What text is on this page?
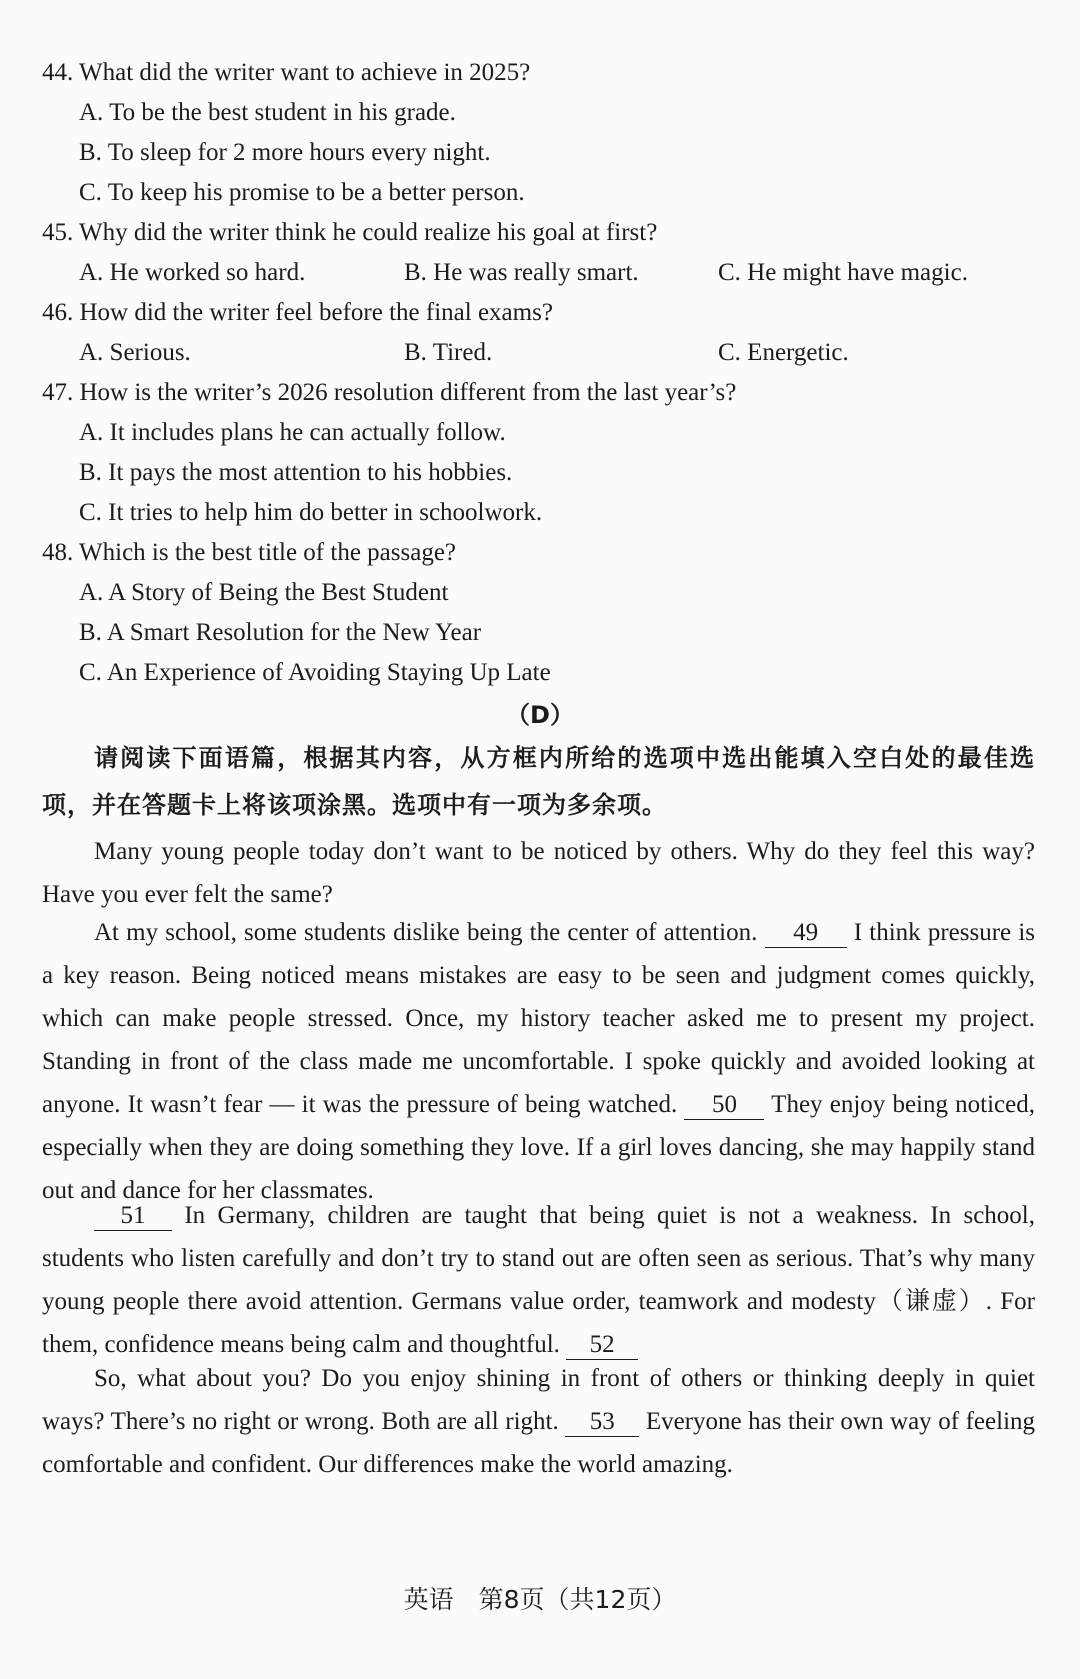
44. What did the writer want to achieve in 2025?
A. To be the best student in his grade.
B. To sleep for 2 more hours every night.
C. To keep his promise to be a better person.
45. Why did the writer think he could realize his goal at first?
A. He worked so hard.	B. He was really smart.	C. He might have magic.
46. How did the writer feel before the final exams?
A. Serious.	B. Tired.	C. Energetic.
47. How is the writer’s 2026 resolution different from the last year’s?
A. It includes plans he can actually follow.
B. It pays the most attention to his hobbies.
C. It tries to help him do better in schoolwork.
48. Which is the best title of the passage?
A. A Story of Being the Best Student
B. A Smart Resolution for the New Year
C. An Experience of Avoiding Staying Up Late
（D）
请阅读下面语篇，根据其内容，从方框内所给的选项中选出能填入空白处的最佳选项，并在答题卡上将该项涂黑。选项中有一项为多余项。
Many young people today don’t want to be noticed by others. Why do they feel this way? Have you ever felt the same?
At my school, some students dislike being the center of attention. 49 I think pressure is a key reason. Being noticed means mistakes are easy to be seen and judgment comes quickly, which can make people stressed. Once, my history teacher asked me to present my project. Standing in front of the class made me uncomfortable. I spoke quickly and avoided looking at anyone. It wasn’t fear — it was the pressure of being watched. 50 They enjoy being noticed, especially when they are doing something they love. If a girl loves dancing, she may happily stand out and dance for her classmates.
51 In Germany, children are taught that being quiet is not a weakness. In school, students who listen carefully and don’t try to stand out are often seen as serious. That’s why many young people there avoid attention. Germans value order, teamwork and modesty（谦虚）. For them, confidence means being calm and thoughtful. 52
So, what about you? Do you enjoy shining in front of others or thinking deeply in quiet ways? There’s no right or wrong. Both are all right. 53 Everyone has their own way of feeling comfortable and confident. Our differences make the world amazing.
英语　第8页（共12页）
